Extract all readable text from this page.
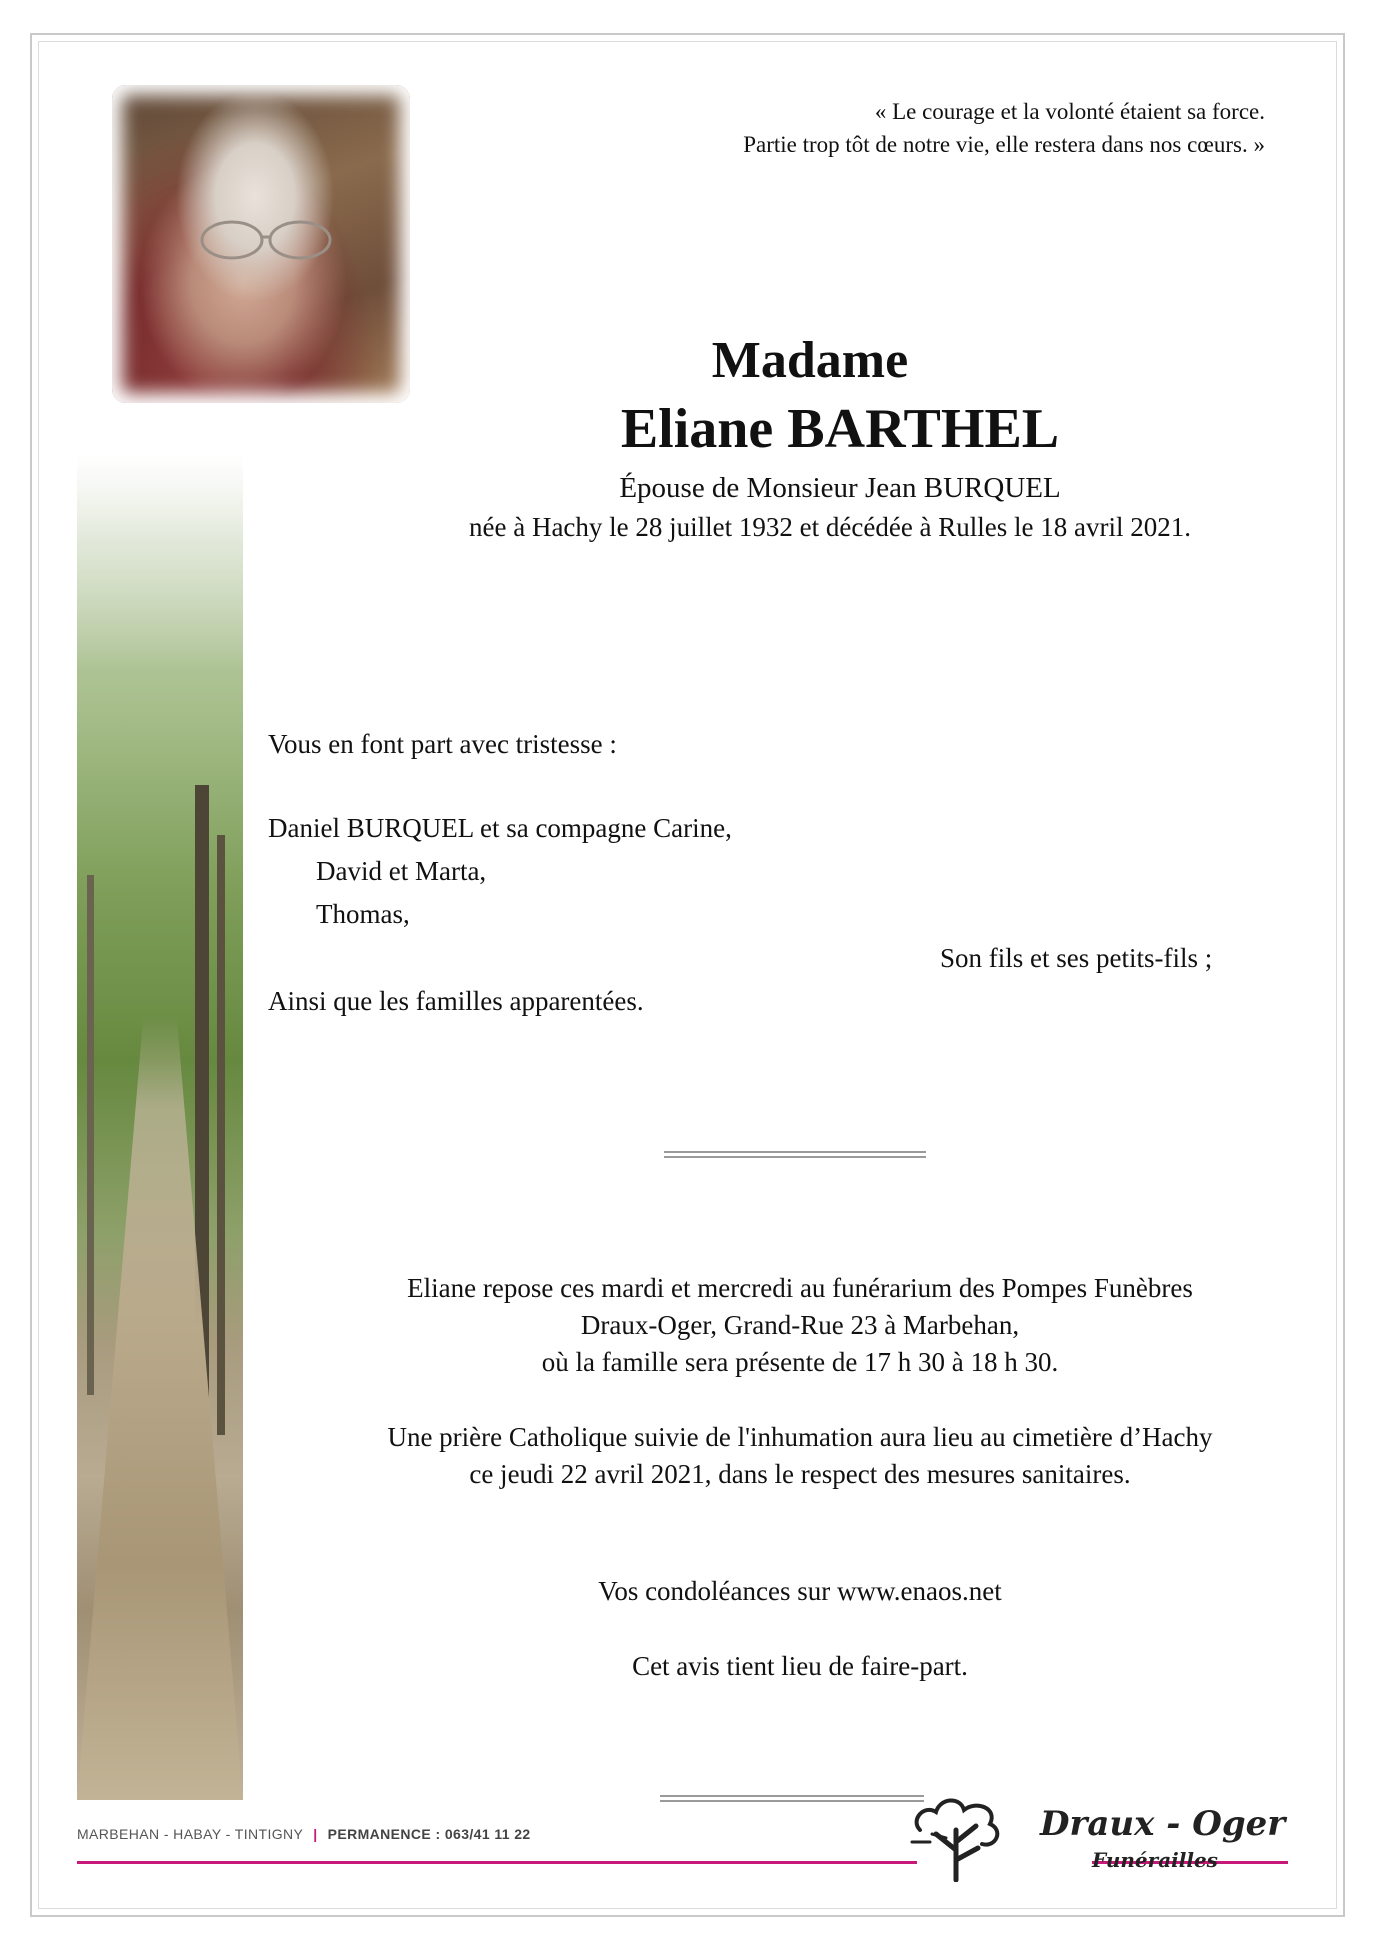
« Le courage et la volonté étaient sa force.
Partie trop tôt de notre vie, elle restera dans nos cœurs. »
Madame
Eliane BARTHEL
Épouse de Monsieur Jean BURQUEL
née à Hachy le 28 juillet 1932 et décédée à Rulles le 18 avril 2021.
Vous en font part avec tristesse :
Daniel BURQUEL et sa compagne Carine,
David et Marta,
Thomas,
Son fils et ses petits-fils ;
Ainsi que les familles apparentées.
Eliane repose ces mardi et mercredi au funérarium des Pompes Funèbres
Draux-Oger, Grand-Rue 23 à Marbehan,
où la famille sera présente de 17 h 30 à 18 h 30.
Une prière Catholique suivie de l'inhumation aura lieu au cimetière d’Hachy
ce jeudi 22 avril 2021, dans le respect des mesures sanitaires.
Vos condoléances sur www.enaos.net
Cet avis tient lieu de faire-part.
MARBEHAN - HABAY - TINTIGNY | PERMANENCE : 063/41 11 22	Draux - Oger
Funérailles
